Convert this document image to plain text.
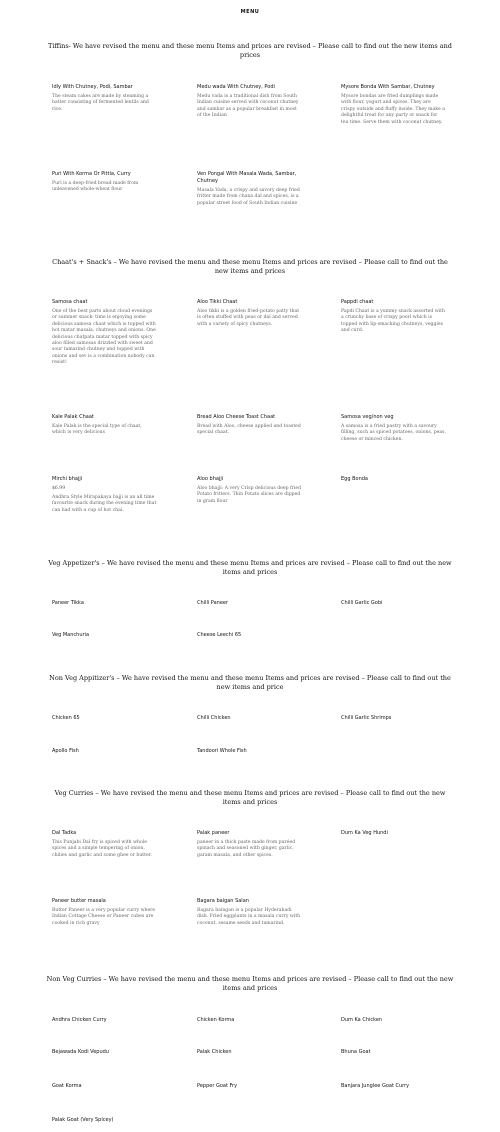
MENU
Tiffins- We have revised the menu and these menu Items and prices are revised – Please call to find out the new items and prices
Idly With Chutney, Podi, Sambar
The steam cakes are made by steaming a batter consisting of fermented lentils and rice.
Medu wada With Chutney, Podi
Medu vada is a traditional dish from South Indian cuisine served with coconut chutney and sambar as a popular breakfast in most of the Indian
Mysore Bonda With Sambar, Chutney
Mysore bondas are fried dumplings made with flour, yogurt and spices. They are crispy outside and fluffy inside. They make a delightful treat for any party or snack for tea time. Serve them with coconut chutney.
Puri With Korma Or Pittla, Curry
Puri is a deep-fried bread made from unleavened whole-wheat flour
Ven Pongal With Masala Wada, Sambar, Chutney
Masala Vada, a crispy and savory deep fried fritter made from chana dal and spices, is a popular street food of South Indian cuisine
Chaat's + Snack's – We have revised the menu and these menu Items and prices are revised – Please call to find out the new items and prices
Samosa chaat
One of the best parts about cloud evenings or summer snack- time is enjoying some delicious samosa chaat which is topped with hot matar masala, chutneys and onions. One delicious chatpata matar topped with spicy aloo filled samosas drizzled with sweet and sour tamarind chutney and topped with onions and sev is a combination nobody can resist!
Aloo Tikki Chaat
Aloo tikki is a golden fried-potato patty that is often stuffed with peas or dal and served with a variety of spicy chutneys.
Pappdi chaat
Papdi Chaat is a yummy snack assorted with a crunchy base of crispy poori which is topped with lip-smacking chutneys, veggies and curd.
Kale Palak Chaat
Kale Palak is the special type of chaat, which is very delicious
Bread Aloo Cheese Toast Chaat
Bread with Aloo, cheese applied and toasted special chaat.
Samosa veg/non veg
A samosa is a fried pastry with a savoury filling, such as spiced potatoes, onions, peas, cheese or minced chicken.
Mirchi bhajji
$6.99
Andhra Style Mirapakaya bajji is an all time favourite snack during the evening time that can had with a cup of hot chai.
Aloo bhajji
Aloo bhajji: A very Crisp delicious deep fried Potato fritters. Thin Potato slices are dipped in gram flour
Egg Bonda
Veg Appetizer's – We have revised the menu and these menu Items and prices are revised – Please call to find out the new items and prices
Paneer Tikka	Chilli Paneer	Chilli Garlic Gobi
Veg Manchuria	Cheese Leechi 65
Non Veg Appitizer's – We have revised the menu and these menu Items and prices are revised – Please call to find out the new items and price
Chicken 65	Chilli Chicken	Chilli Garlic Shrimps
Apollo Fish	Tandoori Whole Fish
Veg Curries – We have revised the menu and these menu Items and prices are revised – Please call to find out the new items and prices
Dal Tadka
This Punjabi Dal fry is spiced with whole spices and a simple tempering of onion, chilies and garlic and some ghee or butter.
Palak paneer
paneer in a thick paste made from puréed spinach and seasoned with ginger, garlic, garam masala, and other spices.
Dum Ka Veg Hundi
Paneer butter masala
Butter Paneer is a very popular curry where Indian Cottage Cheese or Paneer cubes are cooked in rich gravy
Bagara baigan Salan
Bagara baingan is a popular Hyderabadi dish. Fried eggplants in a masala curry with coconut, sesame seeds and tamarind.
Non Veg Curries – We have revised the menu and these menu Items and prices are revised – Please call to find out the new items and prices
Andhra Chicken Curry	Chicken Korma	Dum Ka Chicken
Bejawada Kodi Vepudu	Palak Chicken	Bhuna Goat
Goat Korma	Pepper Goat Fry	Banjara Junglee Goat Curry
Palak Goat (Very Spicey)
